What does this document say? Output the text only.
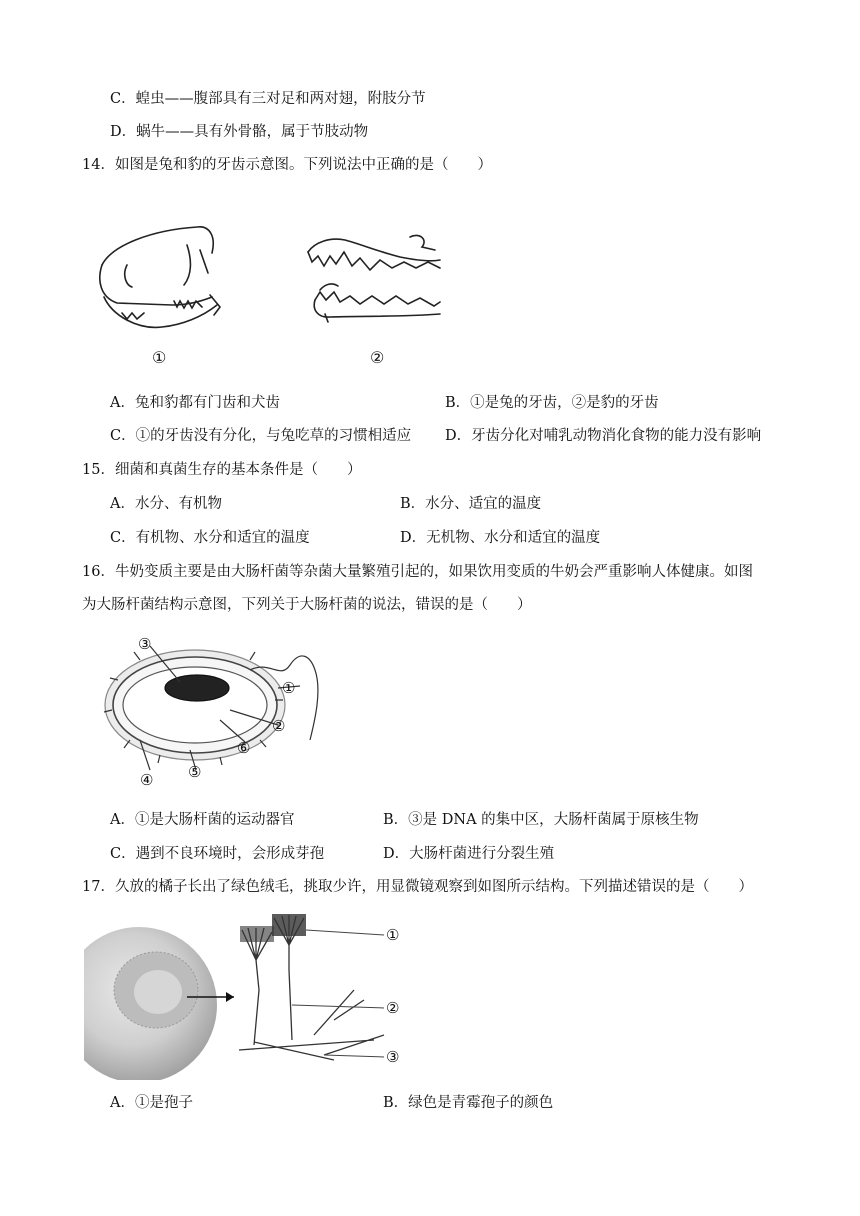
C．蝗虫——腹部具有三对足和两对翅，附肢分节
D．蜗牛——具有外骨骼，属于节肢动物
14．如图是兔和豹的牙齿示意图。下列说法中正确的是（　　）
①	②
A．兔和豹都有门齿和犬齿	B．①是兔的牙齿，②是豹的牙齿
C．①的牙齿没有分化，与兔吃草的习惯相适应 D．牙齿分化对哺乳动物消化食物的能力没有影响
15．细菌和真菌生存的基本条件是（　　）
A．水分、有机物	B．水分、适宜的温度
C．有机物、水分和适宜的温度	D．无机物、水分和适宜的温度
16．牛奶变质主要是由大肠杆菌等杂菌大量繁殖引起的，如果饮用变质的牛奶会严重影响人体健康。如图
为大肠杆菌结构示意图，下列关于大肠杆菌的说法，错误的是（　　）
③
①
②
⑥
④ ⑤
A．①是大肠杆菌的运动器官	B．③是 DNA 的集中区，大肠杆菌属于原核生物
C．遇到不良环境时，会形成芽孢	D．大肠杆菌进行分裂生殖
17．久放的橘子长出了绿色绒毛，挑取少许，用显微镜观察到如图所示结构。下列描述错误的是（　　）
①
②
③
A．①是孢子	B．绿色是青霉孢子的颜色
